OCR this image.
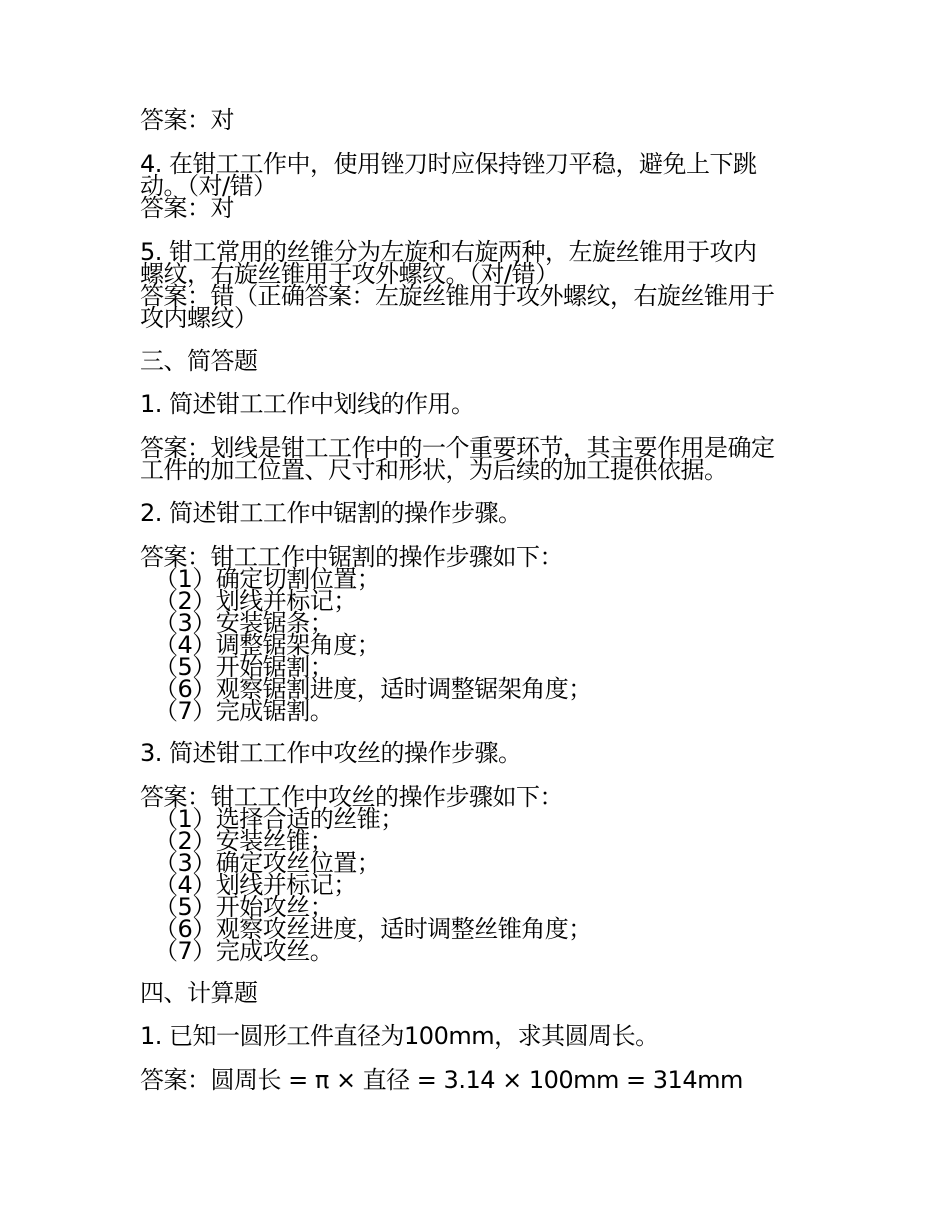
答案：对
4. 在钳工工作中，使用锉刀时应保持锉刀平稳，避免上下跳
动。（对/错）
答案：对
5. 钳工常用的丝锥分为左旋和右旋两种，左旋丝锥用于攻内
螺纹，右旋丝锥用于攻外螺纹。（对/错）
答案：错（正确答案：左旋丝锥用于攻外螺纹，右旋丝锥用于
攻内螺纹）
三、简答题
1. 简述钳工工作中划线的作用。
答案：划线是钳工工作中的一个重要环节，其主要作用是确定
工件的加工位置、尺寸和形状，为后续的加工提供依据。
2. 简述钳工工作中锯割的操作步骤。
答案：钳工工作中锯割的操作步骤如下：
（1）确定切割位置；
（2）划线并标记；
（3）安装锯条；
（4）调整锯架角度；
（5）开始锯割；
（6）观察锯割进度，适时调整锯架角度；
（7）完成锯割。
3. 简述钳工工作中攻丝的操作步骤。
答案：钳工工作中攻丝的操作步骤如下：
（1）选择合适的丝锥；
（2）安装丝锥；
（3）确定攻丝位置；
（4）划线并标记；
（5）开始攻丝；
（6）观察攻丝进度，适时调整丝锥角度；
（7）完成攻丝。
四、计算题
1. 已知一圆形工件直径为100mm，求其圆周长。
答案：圆周长 = π × 直径 = 3.14 × 100mm = 314mm
